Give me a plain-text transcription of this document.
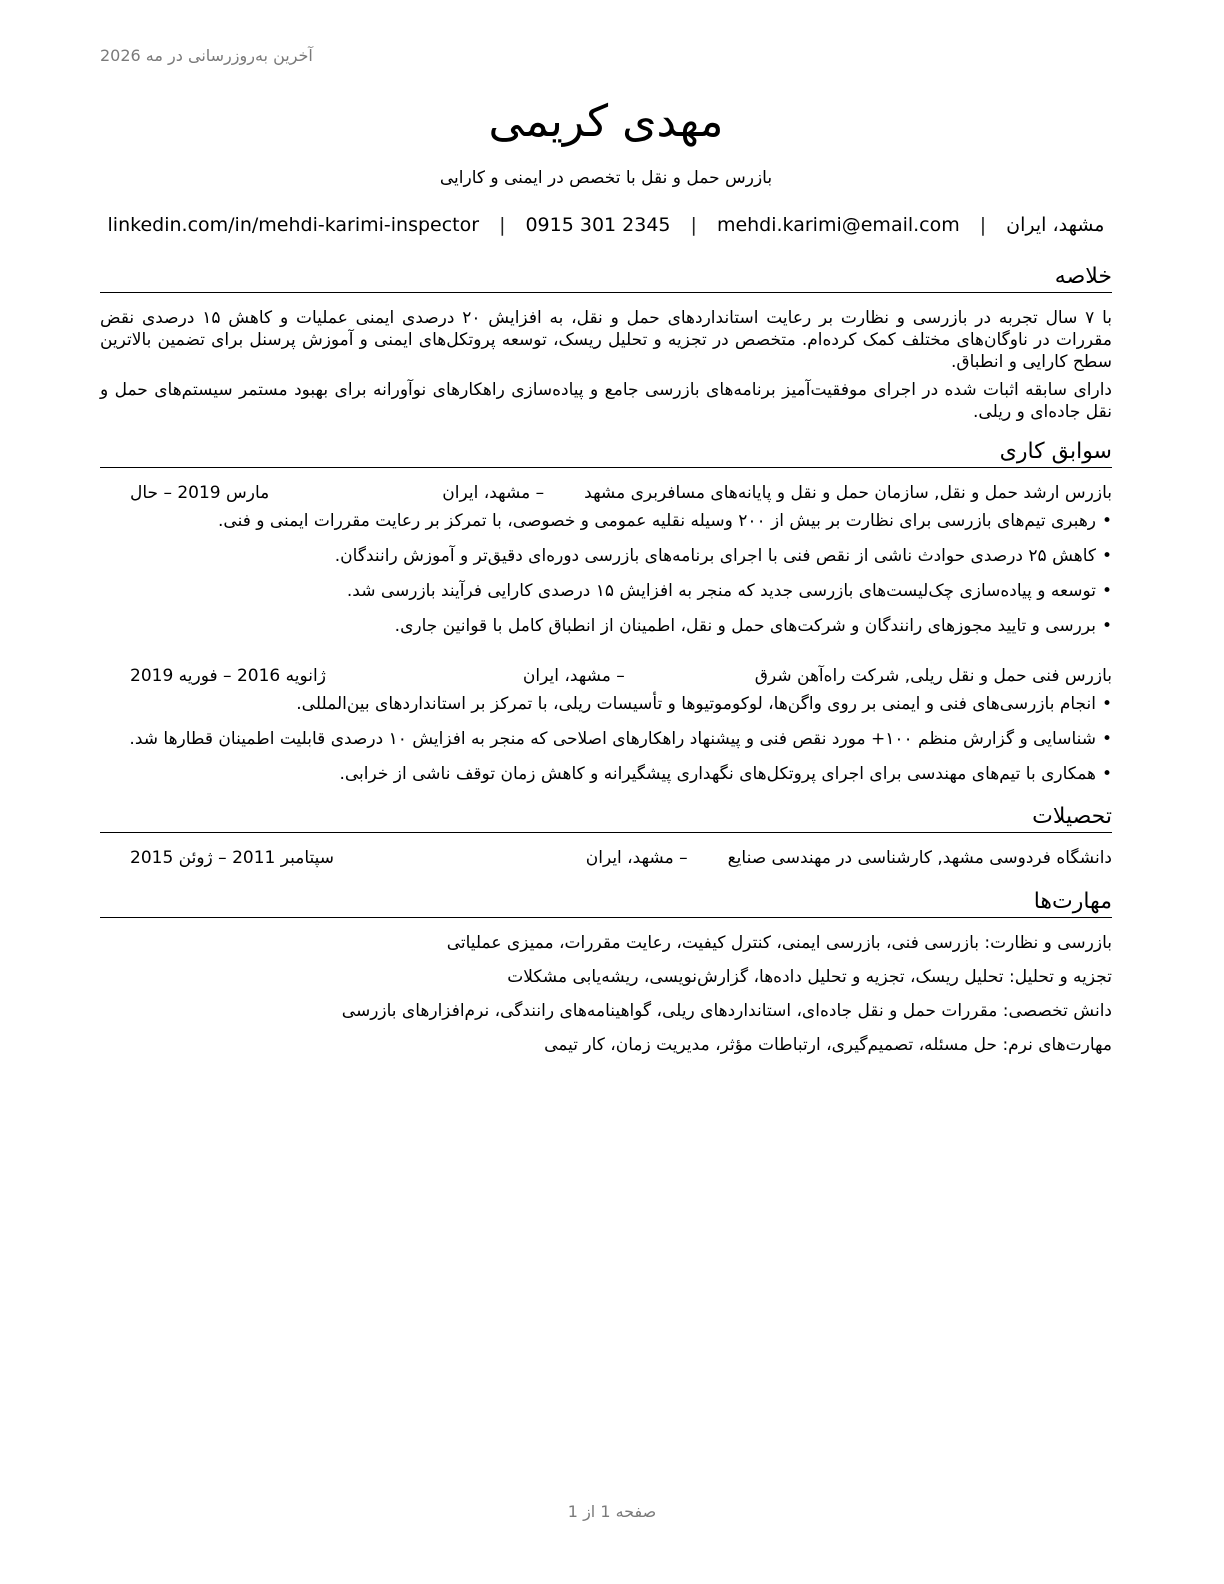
آخرین به‌روزرسانی در مه 2026
مهدی کریمی
بازرس حمل و نقل با تخصص در ایمنی و کارایی
مشهد، ایران
|
mehdi.karimi@email.com
|
0915 301 2345
|
linkedin.com/in/mehdi-karimi-inspector
خلاصه

با ۷ سال تجربه در بازرسی و نظارت بر رعایت استانداردهای حمل و نقل، به افزایش ۲۰ درصدی ایمنی عملیات و کاهش ۱۵ درصدی نقض مقررات در ناوگان‌های مختلف کمک کرده‌ام. متخصص در تجزیه و تحلیل ریسک، توسعه پروتکل‌های ایمنی و آموزش پرسنل برای تضمین بالاترین سطح کارایی و انطباق.

دارای سابقه اثبات شده در اجرای موفقیت‌آمیز برنامه‌های بازرسی جامع و پیاده‌سازی راهکارهای نوآورانه برای بهبود مستمر سیستم‌های حمل و نقل جاده‌ای و ریلی.

سوابق کاری
بازرس ارشد حمل و نقل, سازمان حمل و نقل و پایانه‌های مسافربری مشهد
– مشهد، ایران
مارس 2019 – حال
• رهبری تیم‌های بازرسی برای نظارت بر بیش از ۲۰۰ وسیله نقلیه عمومی و خصوصی، با تمرکز بر رعایت مقررات ایمنی و فنی.
• کاهش ۲۵ درصدی حوادث ناشی از نقص فنی با اجرای برنامه‌های بازرسی دوره‌ای دقیق‌تر و آموزش رانندگان.
• توسعه و پیاده‌سازی چک‌لیست‌های بازرسی جدید که منجر به افزایش ۱۵ درصدی کارایی فرآیند بازرسی شد.
• بررسی و تایید مجوزهای رانندگان و شرکت‌های حمل و نقل، اطمینان از انطباق کامل با قوانین جاری.
بازرس فنی حمل و نقل ریلی, شرکت راه‌آهن شرق
– مشهد، ایران
ژانویه 2016 – فوریه 2019
• انجام بازرسی‌های فنی و ایمنی بر روی واگن‌ها، لوکوموتیوها و تأسیسات ریلی، با تمرکز بر استانداردهای بین‌المللی.
• شناسایی و گزارش منظم ۱۰۰+ مورد نقص فنی و پیشنهاد راهکارهای اصلاحی که منجر به افزایش ۱۰ درصدی قابلیت اطمینان قطارها شد.
• همکاری با تیم‌های مهندسی برای اجرای پروتکل‌های نگهداری پیشگیرانه و کاهش زمان توقف ناشی از خرابی.
تحصیلات
دانشگاه فردوسی مشهد, کارشناسی در مهندسی صنایع
– مشهد، ایران
سپتامبر 2011 – ژوئن 2015
مهارت‌ها
بازرسی و نظارت: بازرسی فنی، بازرسی ایمنی، کنترل کیفیت، رعایت مقررات، ممیزی عملیاتی
تجزیه و تحلیل: تحلیل ریسک، تجزیه و تحلیل داده‌ها، گزارش‌نویسی، ریشه‌یابی مشکلات
دانش تخصصی: مقررات حمل و نقل جاده‌ای، استانداردهای ریلی، گواهینامه‌های رانندگی، نرم‌افزارهای بازرسی
مهارت‌های نرم: حل مسئله، تصمیم‌گیری، ارتباطات مؤثر، مدیریت زمان، کار تیمی
صفحه 1 از 1
